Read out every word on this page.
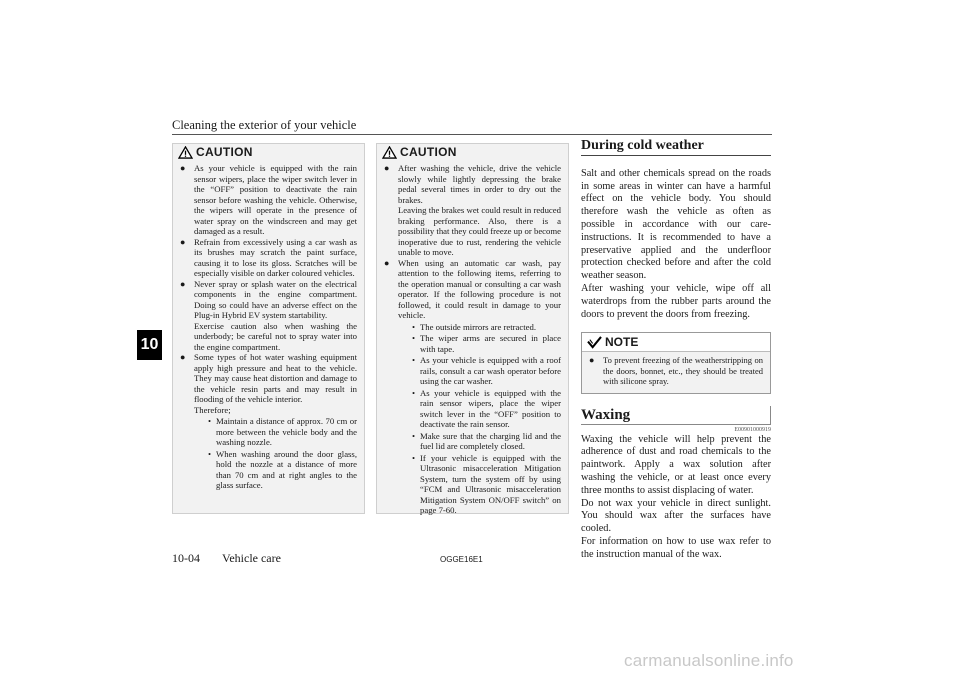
Cleaning the exterior of your vehicle
10
CAUTION

● As your vehicle is equipped with the rain sensor wipers, place the wiper switch lever in the “OFF” position to deactivate the rain sensor before washing the vehicle. Otherwise, the wipers will operate in the presence of water spray on the windscreen and may get damaged as a result.

● Refrain from excessively using a car wash as its brushes may scratch the paint surface, causing it to lose its gloss. Scratches will be especially visible on darker coloured vehicles.

● Never spray or splash water on the electrical components in the engine compartment. Doing so could have an adverse effect on the Plug-in Hybrid EV system startability.

Exercise caution also when washing the underbody; be careful not to spray water into the engine compartment.

● Some types of hot water washing equipment apply high pressure and heat to the vehicle. They may cause heat distortion and damage to the vehicle resin parts and may result in flooding of the vehicle interior.

Therefore;

• Maintain a distance of approx. 70 cm or more between the vehicle body and the washing nozzle.
• When washing around the door glass, hold the nozzle at a distance of more than 70 cm and at right angles to the glass surface.
CAUTION

● After washing the vehicle, drive the vehicle slowly while lightly depressing the brake pedal several times in order to dry out the brakes.

Leaving the brakes wet could result in reduced braking performance. Also, there is a possibility that they could freeze up or become inoperative due to rust, rendering the vehicle unable to move.

● When using an automatic car wash, pay attention to the following items, referring to the operation manual or consulting a car wash operator. If the following procedure is not followed, it could result in damage to your vehicle.

• The outside mirrors are retracted.
• The wiper arms are secured in place with tape.
• As your vehicle is equipped with a roof rails, consult a car wash operator before using the car washer.
• As your vehicle is equipped with the rain sensor wipers, place the wiper switch lever in the “OFF” position to deactivate the rain sensor.
• Make sure that the charging lid and the fuel lid are completely closed.
• If your vehicle is equipped with the Ultrasonic misacceleration Mitigation System, turn the system off by using “FCM and Ultrasonic misacceleration Mitigation System ON/OFF switch” on page 7-60.
During cold weather

Salt and other chemicals spread on the roads in some areas in winter can have a harmful effect on the vehicle body. You should therefore wash the vehicle as often as possible in accordance with our care-instructions. It is recommended to have a preservative applied and the underfloor protection checked before and after the cold weather season.

After washing your vehicle, wipe off all waterdrops from the rubber parts around the doors to prevent the doors from freezing.

NOTE

● To prevent freezing of the weatherstripping on the doors, bonnet, etc., they should be treated with silicone spray.

Waxing
E00901000919

Waxing the vehicle will help prevent the adherence of dust and road chemicals to the paintwork. Apply a wax solution after washing the vehicle, or at least once every three months to assist displacing of water.

Do not wax your vehicle in direct sunlight. You should wax after the surfaces have cooled.

For information on how to use wax refer to the instruction manual of the wax.

10-04 Vehicle care	OGGE16E1
carmanualsonline.info
